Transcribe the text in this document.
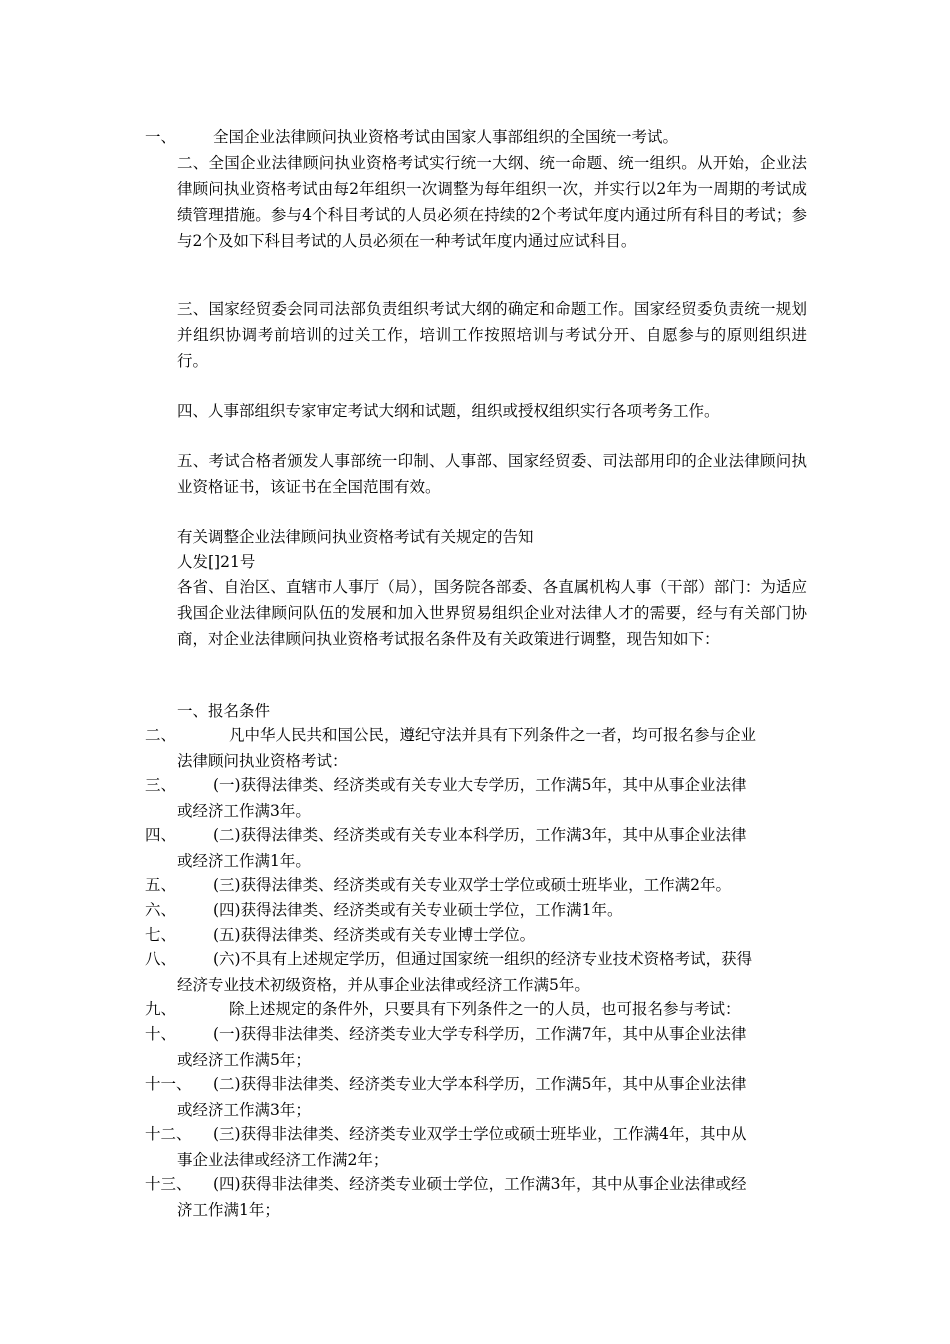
一、	全国企业法律顾问执业资格考试由国家人事部组织的全国统一考试。
二、全国企业法律顾问执业资格考试实行统一大纲、统一命题、统一组织。从开始，企业法律顾问执业资格考试由每2年组织一次调整为每年组织一次，并实行以2年为一周期的考试成绩管理措施。参与4个科目考试的人员必须在持续的2个考试年度内通过所有科目的考试；参与2个及如下科目考试的人员必须在一种考试年度内通过应试科目。
三、国家经贸委会同司法部负责组织考试大纲的确定和命题工作。国家经贸委负责统一规划并组织协调考前培训的过关工作，培训工作按照培训与考试分开、自愿参与的原则组织进行。
四、人事部组织专家审定考试大纲和试题，组织或授权组织实行各项考务工作。
五、考试合格者颁发人事部统一印制、人事部、国家经贸委、司法部用印的企业法律顾问执业资格证书，该证书在全国范围有效。
有关调整企业法律顾问执业资格考试有关规定的告知
人发[]21号
各省、自治区、直辖市人事厅（局），国务院各部委、各直属机构人事（干部）部门：为适应我国企业法律顾问队伍的发展和加入世界贸易组织企业对法律人才的需要，经与有关部门协商，对企业法律顾问执业资格考试报名条件及有关政策进行调整，现告知如下：
一、报名条件
二、	凡中华人民共和国公民，遵纪守法并具有下列条件之一者，均可报名参与企业
法律顾问执业资格考试：
三、	(一)获得法律类、经济类或有关专业大专学历，工作满5年，其中从事企业法律
或经济工作满3年。
四、	(二)获得法律类、经济类或有关专业本科学历，工作满3年，其中从事企业法律
或经济工作满1年。
五、	(三)获得法律类、经济类或有关专业双学士学位或硕士班毕业，工作满2年。
六、	(四)获得法律类、经济类或有关专业硕士学位，工作满1年。
七、	(五)获得法律类、经济类或有关专业博士学位。
八、	(六)不具有上述规定学历，但通过国家统一组织的经济专业技术资格考试，获得
经济专业技术初级资格，并从事企业法律或经济工作满5年。
九、	除上述规定的条件外，只要具有下列条件之一的人员，也可报名参与考试：
十、	(一)获得非法律类、经济类专业大学专科学历，工作满7年，其中从事企业法律
或经济工作满5年；
十一、	(二)获得非法律类、经济类专业大学本科学历，工作满5年，其中从事企业法律
或经济工作满3年；
十二、	(三)获得非法律类、经济类专业双学士学位或硕士班毕业，工作满4年，其中从
事企业法律或经济工作满2年；
十三、	(四)获得非法律类、经济类专业硕士学位，工作满3年，其中从事企业法律或经
济工作满1年；
